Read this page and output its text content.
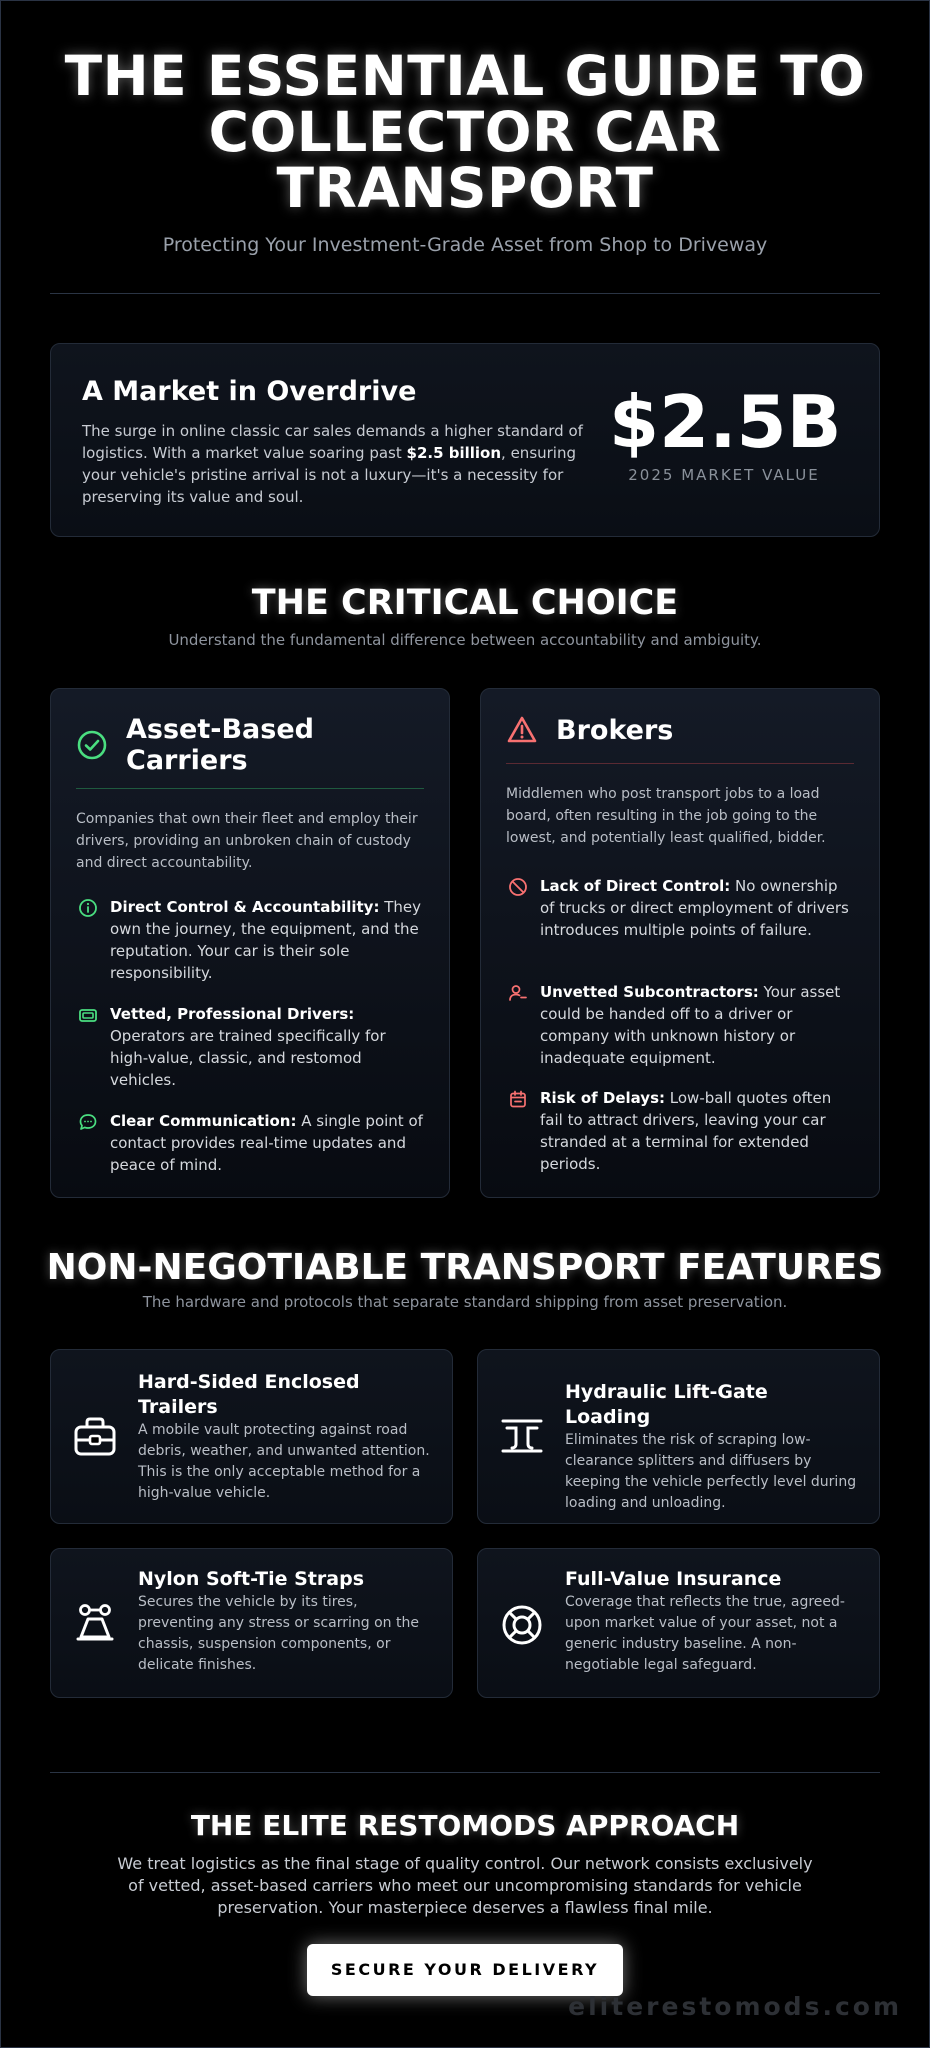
THE ESSENTIAL GUIDE TO
COLLECTOR CAR
TRANSPORT
Protecting Your Investment-Grade Asset from Shop to Driveway
A Market in Overdrive

The surge in online classic car sales demands a higher standard of logistics. With a market value soaring past $2.5 billion, ensuring your vehicle's pristine arrival is not a luxury—it's a necessity for preserving its value and soul.

$2.5B
2025 MARKET VALUE
THE CRITICAL CHOICE
Understand the fundamental difference between accountability and ambiguity.
Asset-Based Carriers
Companies that own their fleet and employ their drivers, providing an unbroken chain of custody and direct accountability.
Direct Control & Accountability: They own the journey, the equipment, and the reputation. Your car is their sole responsibility.
Vetted, Professional Drivers: Operators are trained specifically for high-value, classic, and restomod vehicles.
Clear Communication: A single point of contact provides real-time updates and peace of mind.
Brokers
Middlemen who post transport jobs to a load board, often resulting in the job going to the lowest, and potentially least qualified, bidder.
Lack of Direct Control: No ownership of trucks or direct employment of drivers introduces multiple points of failure.
Unvetted Subcontractors: Your asset could be handed off to a driver or company with unknown history or inadequate equipment.
Risk of Delays: Low-ball quotes often fail to attract drivers, leaving your car stranded at a terminal for extended periods.
NON-NEGOTIABLE TRANSPORT FEATURES
The hardware and protocols that separate standard shipping from asset preservation.
Hard-Sided Enclosed Trailers
A mobile vault protecting against road debris, weather, and unwanted attention. This is the only acceptable method for a high-value vehicle.
Hydraulic Lift-Gate Loading
Eliminates the risk of scraping low-clearance splitters and diffusers by keeping the vehicle perfectly level during loading and unloading.
Nylon Soft-Tie Straps
Secures the vehicle by its tires, preventing any stress or scarring on the chassis, suspension components, or delicate finishes.
Full-Value Insurance
Coverage that reflects the true, agreed-upon market value of your asset, not a generic industry baseline. A non-negotiable legal safeguard.
THE ELITE RESTOMODS APPROACH
We treat logistics as the final stage of quality control. Our network consists exclusively of vetted, asset-based carriers who meet our uncompromising standards for vehicle preservation. Your masterpiece deserves a flawless final mile.
SECURE YOUR DELIVERY
eliterestomods.com
